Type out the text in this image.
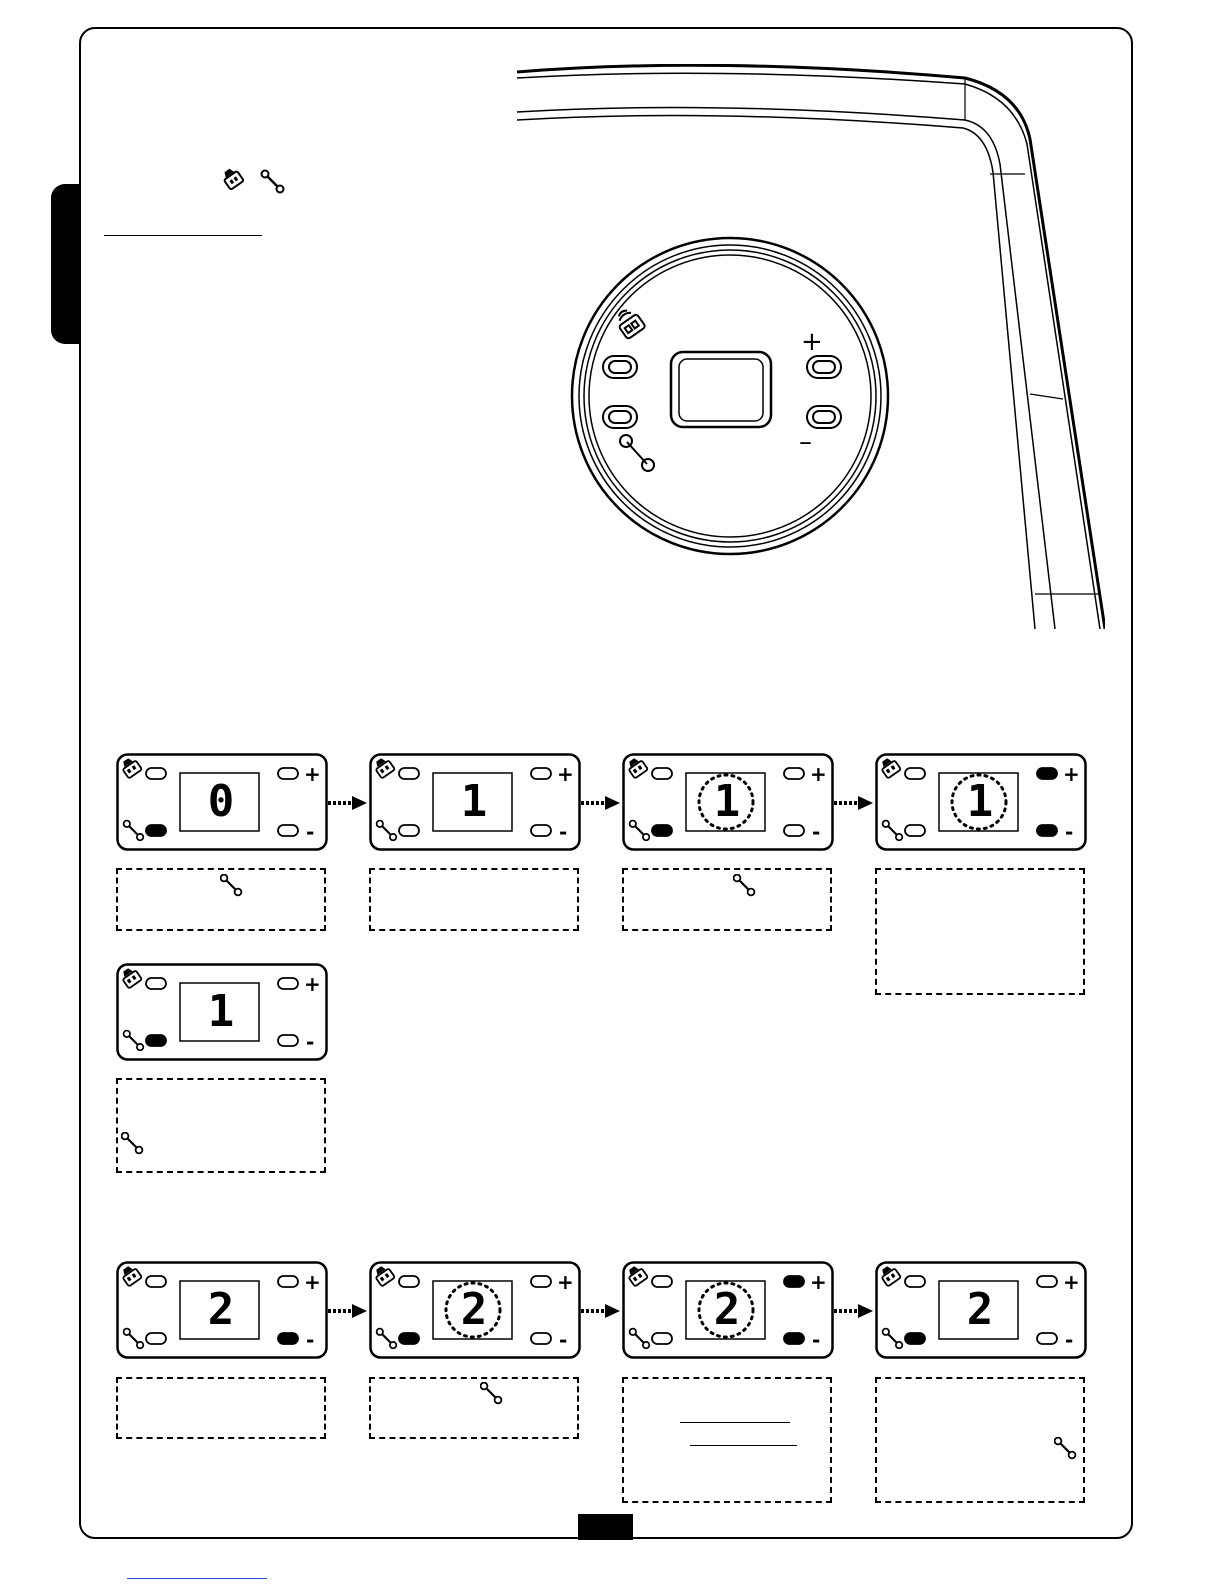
+
–
+
-
0
+
-
1
+
-
1
+
-
1
+
-
1
+
-
2
+
-
2
+
-
2
+
-
2
